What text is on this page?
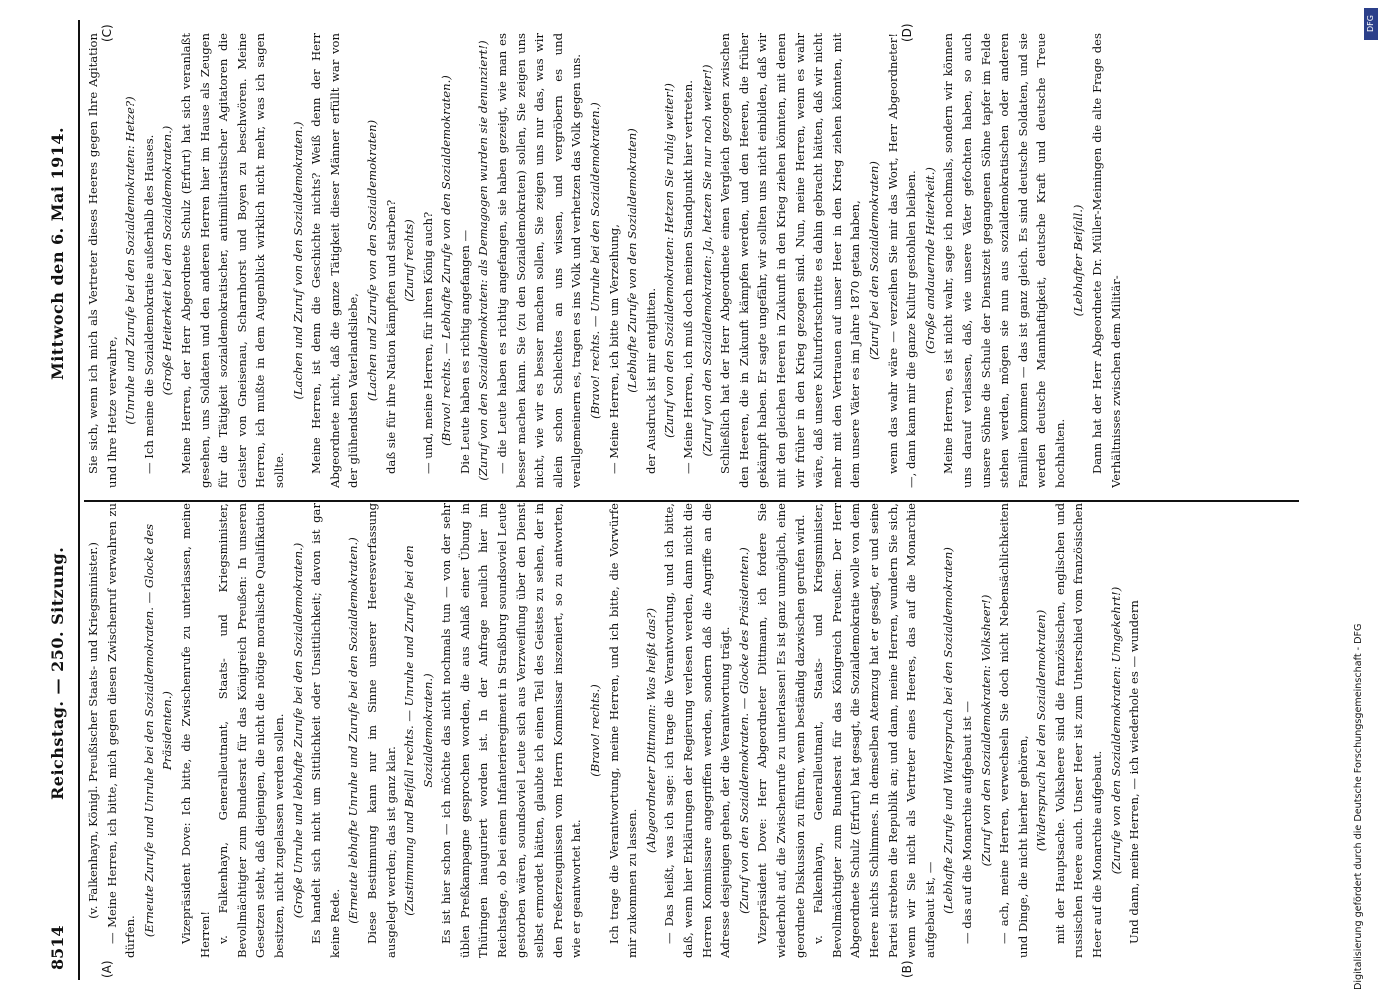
8514
Reichstag. — 250. Sitzung.
Mittwoch den 6. Mai 1914.
(A)	(B)
(C)	(D)

(v. Falkenhayn, Königl. Preußischer Staats- und Kriegsminister.) — Meine Herren, ich bitte, mich gegen diesen Zwischenruf verwahren zu dürfen. (Erneute Zurufe und Unruhe bei den Sozialdemokraten. — Glocke des Präsidenten.) Vizepräsident Dove: Ich bitte, die Zwischenrufe zu unterlassen, meine Herren! v. Falkenhayn, Generalleutnant, Staats- und Kriegsminister, Bevollmächtigter zum Bundesrat für das Königreich Preußen: In unseren Gesetzen steht, daß diejenigen, die nicht die nötige moralische Qualifikation besitzen, nicht zugelassen werden sollen. (Große Unruhe und lebhafte Zurufe bei den Sozialdemokraten.) Es handelt sich nicht um Sittlichkeit oder Unsittlichkeit; davon ist gar keine Rede. (Erneute lebhafte Unruhe und Zurufe bei den Sozialdemokraten.) Diese Bestimmung kann nur im Sinne unserer Heeresverfassung ausgelegt werden; das ist ganz klar. (Zustimmung und Beifall rechts. — Unruhe und Zurufe bei den Sozialdemokraten.) Es ist hier schon — ich möchte das nicht nochmals tun — von der sehr üblen Preßkampagne gesprochen worden, die aus Anlaß einer Übung in Thüringen inauguriert worden ist. In der Anfrage neulich hier im Reichstage, ob bei einem Infanterieregiment in Straßburg soundsoviel Leute gestorben wären, soundsoviel Leute sich aus Verzweiflung über den Dienst selbst ermordet hätten, glaubte ich einen Teil des Geistes zu sehen, der in den Preßerzeugnissen vom Herrn Kommissar inszeniert, so zu antworten, wie er geantwortet hat.

(Bravo! rechts.) Ich trage die Verantwortung, meine Herren, und ich bitte, die Vorwürfe mir zukommen zu lassen.

(Abgeordneter Dittmann: Was heißt das?) — Das heißt, was ich sage: ich trage die Verantwortung, und ich bitte, daß, wenn hier Erklärungen der Regierung verlesen werden, dann nicht die Herren Kommissare angegriffen werden, sondern daß die Angriffe an die Adresse desjenigen gehen, der die Verantwortung trägt. (Zuruf von den Sozialdemokraten. — Glocke des Präsidenten.) Vizepräsident Dove: Herr Abgeordneter Dittmann, ich fordere Sie wiederholt auf, die Zwischenrufe zu unterlassen! Es ist ganz unmöglich, eine geordnete Diskussion zu führen, wenn beständig dazwischen gerufen wird. v. Falkenhayn, Generalleutnant, Staats- und Kriegsminister, Bevollmächtigter zum Bundesrat für das Königreich Preußen: Der Herr Abgeordnete Schulz (Erfurt) hat gesagt, die Sozialdemokratie wolle von dem Heere nichts Schlimmes. In demselben Atemzug hat er gesagt, er und seine Partei strebten die Republik an; und dann, meine Herren, wundern Sie sich, wenn wir Sie nicht als Vertreter eines Heeres, das auf die Monarchie aufgebaut ist, — (Lebhafte Zurufe und Widerspruch bei den Sozialdemokraten) — das auf die Monarchie aufgebaut ist — (Zuruf von den Sozialdemokraten: Volksheer!) — ach, meine Herren, verwechseln Sie doch nicht Nebensächlichkeiten und Dinge, die nicht hierher gehören, (Widerspruch bei den Sozialdemokraten) mit der Hauptsache. Volksheere sind die französischen, englischen und russischen Heere auch. Unser Heer ist zum Unterschied vom französischen Heer auf die Monarchie aufgebaut. (Zurufe von den Sozialdemokraten: Umgekehrt!) Und dann, meine Herren, — ich wiederhole es — wundern

Sie sich, wenn ich mich als Vertreter dieses Heeres gegen Ihre Agitation und Ihre Hetze verwahre, (Unruhe und Zurufe bei den Sozialdemokraten: Hetze?) — Ich meine die Sozialdemokratie außerhalb des Hauses. (Große Heiterkeit bei den Sozialdemokraten.) Meine Herren, der Herr Abgeordnete Schulz (Erfurt) hat sich veranlaßt gesehen, uns Soldaten und den anderen Herren hier im Hause als Zeugen für die Tätigkeit sozialdemokratischer, antimilitaristischer Agitatoren die Geister von Gneisenau, Scharnhorst und Boyen zu beschwören. Meine Herren, ich mußte in dem Augenblick wirklich nicht mehr, was ich sagen sollte.

(Lachen und Zuruf von den Sozialdemokraten.) Meine Herren, ist denn die Geschichte nichts? Weiß denn der Herr Abgeordnete nicht, daß die ganze Tätigkeit dieser Männer erfüllt war von der glühendsten Vaterlandsliebe, (Lachen und Zurufe von den Sozialdemokraten) daß sie für ihre Nation kämpften und starben? (Zuruf rechts) — und, meine Herren, für ihren König auch? (Bravo! rechts. — Lebhafte Zurufe von den Sozialdemokraten.) Die Leute haben es richtig angefangen — (Zuruf von den Sozialdemokraten: als Demagogen wurden sie denunziert!) — die Leute haben es richtig angefangen, sie haben gezeigt, wie man es besser machen kann. Sie (zu den Sozialdemokraten) sollen, Sie zeigen uns nicht, wie wir es besser machen sollen, Sie zeigen uns nur das, was wir allein schon Schlechtes an uns wissen, und vergröbern es und verallgemeinern es, tragen es ins Volk und verhetzen das Volk gegen uns. (Bravo! rechts. — Unruhe bei den Sozialdemokraten.) — Meine Herren, ich bitte um Verzeihung, (Lebhafte Zurufe von den Sozialdemokraten) der Ausdruck ist mir entglitten. (Zuruf von den Sozialdemokraten: Hetzen Sie ruhig weiter!) — Meine Herren, ich muß doch meinen Standpunkt hier vertreten. (Zuruf von den Sozialdemokraten: Ja, hetzen Sie nur noch weiter!) Schließlich hat der Herr Abgeordnete einen Vergleich gezogen zwischen den Heeren, die in Zukunft kämpfen werden, und den Heeren, die früher gekämpft haben. Er sagte ungefähr, wir sollten uns nicht einbilden, daß wir mit den gleichen Heeren in Zukunft in den Krieg ziehen könnten, mit denen wir früher in den Krieg gezogen sind. Nun, meine Herren, wenn es wahr wäre, daß unsere Kulturfortschritte es dahin gebracht hätten, daß wir nicht mehr mit den Vertrauen auf unser Heer in den Krieg ziehen könnten, mit dem unsere Väter es im Jahre 1870 getan haben, (Zuruf bei den Sozialdemokraten) wenn das wahr wäre — verzeihen Sie mir das Wort, Herr Abgeordneter! —, dann kann mir die ganze Kultur gestohlen bleiben. (Große andauernde Heiterkeit.) Meine Herren, es ist nicht wahr, sage ich nochmals, sondern wir können uns darauf verlassen, daß, wie unsere Väter gefochten haben, so auch unsere Söhne die Schule der Dienstzeit gegangenen Söhne tapfer im Felde stehen werden, mögen sie nun aus sozialdemokratischen oder anderen Familien kommen — das ist ganz gleich. Es sind deutsche Soldaten, und sie werden deutsche Mannhaftigkeit, deutsche Kraft und deutsche Treue hochhalten.

(Lebhafter Beifall.) Dann hat der Herr Abgeordnete Dr. Müller-Meiningen die alte Frage des Verhältnisses zwischen dem Militär-

Digitalisierung gefördert durch die Deutsche Forschungsgemeinschaft - DFG
DFG
